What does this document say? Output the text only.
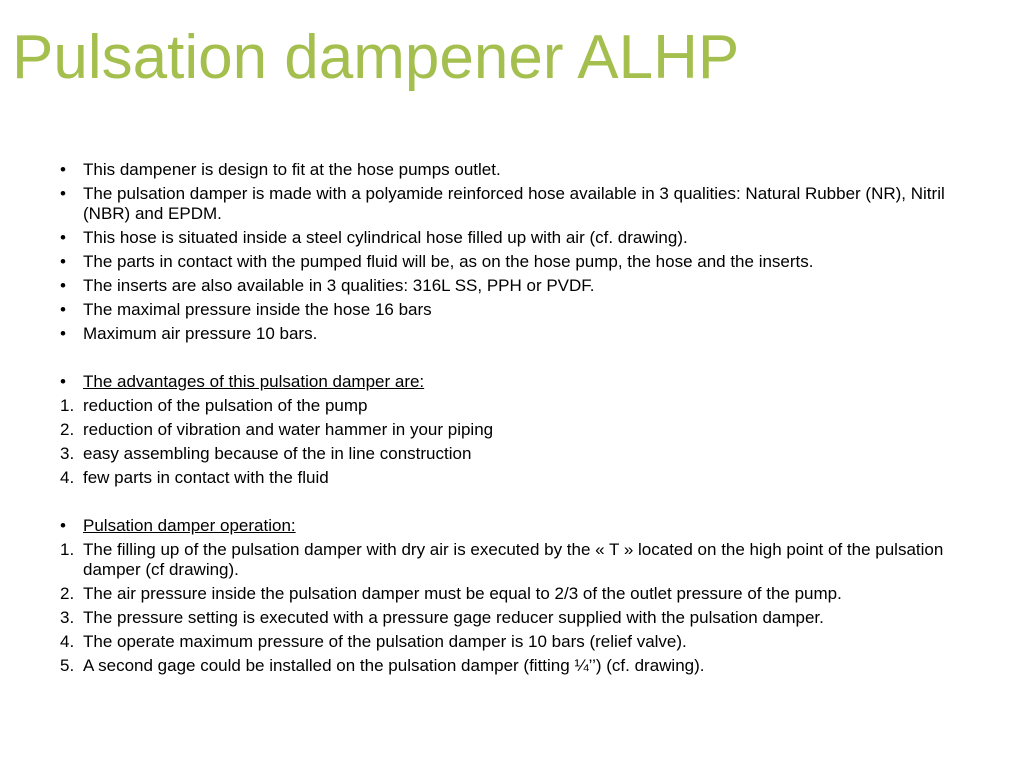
Pulsation dampener ALHP
• This dampener is design to fit at the hose pumps outlet.
• The pulsation damper is made with a polyamide reinforced hose available in 3 qualities: Natural Rubber (NR), Nitril (NBR) and EPDM.
• This hose is situated inside a steel cylindrical hose filled up with air (cf. drawing).
• The parts in contact with the pumped fluid will be, as on the hose pump, the hose and the inserts.
• The inserts are also available in 3 qualities: 316L SS, PPH or PVDF.
• The maximal pressure inside the hose 16 bars
• Maximum air pressure 10 bars.
• The advantages of this pulsation damper are:
1. reduction of the pulsation of the pump
2. reduction of vibration and water hammer in your piping
3. easy assembling because of the in line construction
4. few parts in contact with the fluid
• Pulsation damper operation:
1. The filling up of the pulsation damper with dry air is executed by the « T » located on the high point of the pulsation damper (cf drawing).
2. The air pressure inside the pulsation damper must be equal to 2/3 of the outlet pressure of the pump.
3. The pressure setting is executed with a pressure gage reducer supplied with the pulsation damper.
4. The operate maximum pressure of the pulsation damper is 10 bars (relief valve).
5. A second gage could be installed on the pulsation damper (fitting ¼’’) (cf. drawing).
